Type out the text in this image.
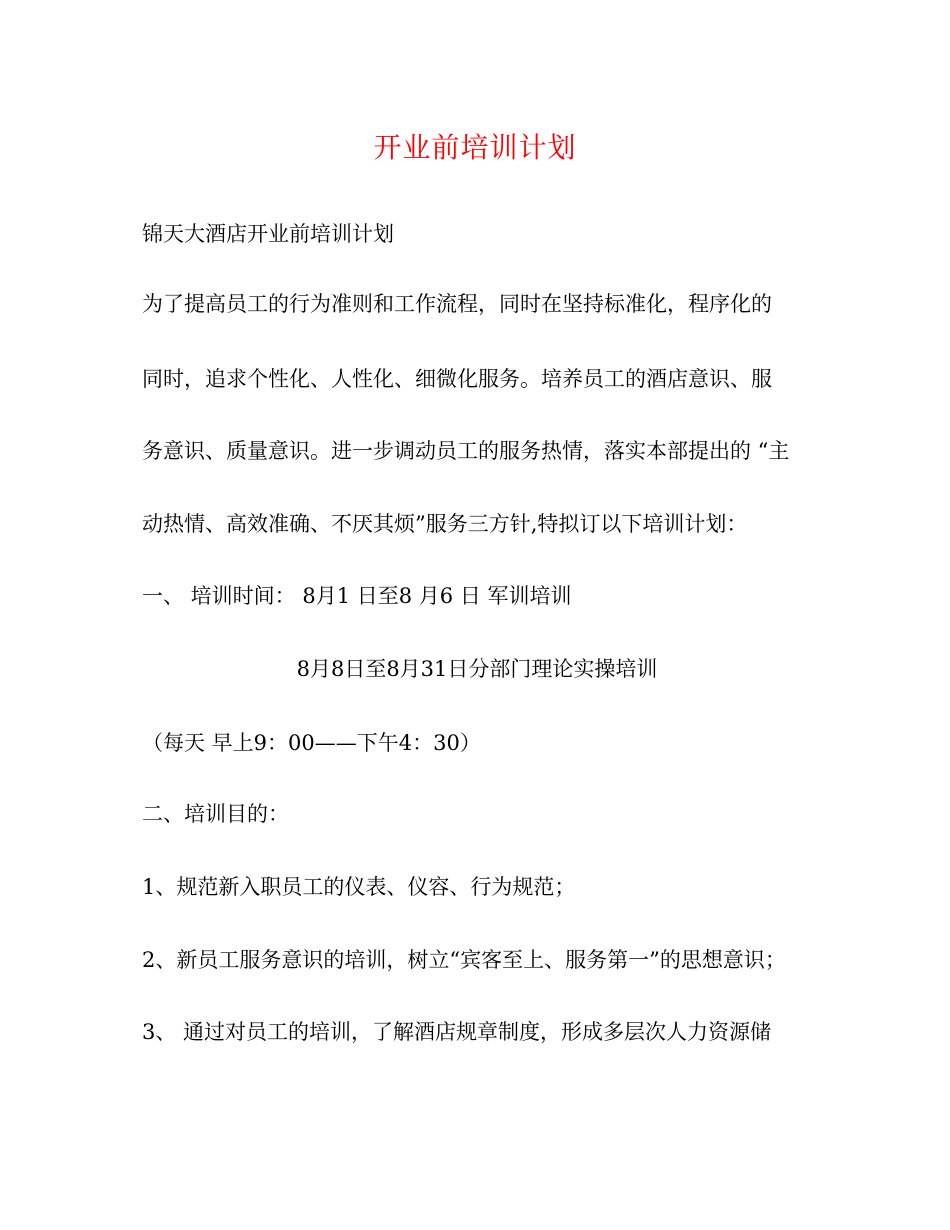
开业前培训计划
锦天大酒店开业前培训计划
为了提高员工的行为准则和工作流程，同时在坚持标准化，程序化的
同时，追求个性化、人性化、细微化服务。培养员工的酒店意识、服
务意识、质量意识。进一步调动员工的服务热情，落实本部提出的 “主
动热情、高效准确、不厌其烦”服务三方针,特拟订以下培训计划：
一、 培训时间： 8月1 日至8 月6 日 军训培训
8月8日至8月31日分部门理论实操培训
（每天 早上9：00——下午4：30）
二、培训目的：
1、规范新入职员工的仪表、仪容、行为规范；
2、新员工服务意识的培训，树立“宾客至上、服务第一”的思想意识；
3、 通过对员工的培训，了解酒店规章制度，形成多层次人力资源储
